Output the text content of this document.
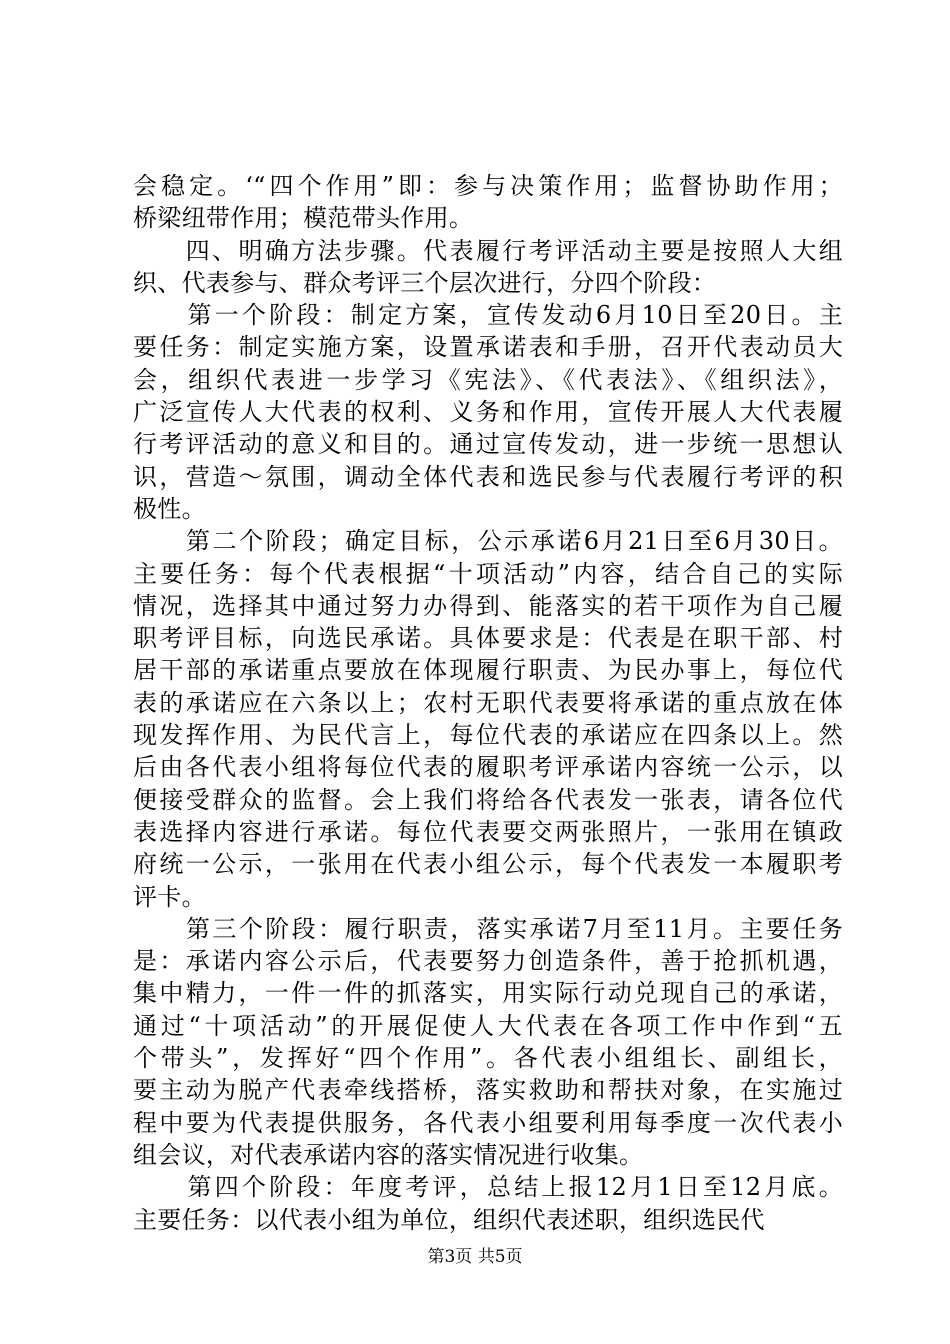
会稳定。‘“四个作用”即：参与决策作用；监督协助作用；
桥梁纽带作用；模范带头作用。
　　四、明确方法步骤。代表履行考评活动主要是按照人大组
织、代表参与、群众考评三个层次进行，分四个阶段：
　　第一个阶段：制定方案，宣传发动6月10日至20日。主
要任务：制定实施方案，设置承诺表和手册，召开代表动员大
会，组织代表进一步学习《宪法》、《代表法》、《组织法》，
广泛宣传人大代表的权利、义务和作用，宣传开展人大代表履
行考评活动的意义和目的。通过宣传发动，进一步统一思想认
识，营造～氛围，调动全体代表和选民参与代表履行考评的积
极性。
　　第二个阶段；确定目标，公示承诺6月21日至6月30日。
主要任务：每个代表根据“十项活动”内容，结合自己的实际
情况，选择其中通过努力办得到、能落实的若干项作为自己履
职考评目标，向选民承诺。具体要求是：代表是在职干部、村
居干部的承诺重点要放在体现履行职责、为民办事上，每位代
表的承诺应在六条以上；农村无职代表要将承诺的重点放在体
现发挥作用、为民代言上，每位代表的承诺应在四条以上。然
后由各代表小组将每位代表的履职考评承诺内容统一公示，以
便接受群众的监督。会上我们将给各代表发一张表，请各位代
表选择内容进行承诺。每位代表要交两张照片，一张用在镇政
府统一公示，一张用在代表小组公示，每个代表发一本履职考
评卡。
　　第三个阶段：履行职责，落实承诺7月至11月。主要任务
是：承诺内容公示后，代表要努力创造条件，善于抢抓机遇，
集中精力，一件一件的抓落实，用实际行动兑现自己的承诺，
通过“十项活动”的开展促使人大代表在各项工作中作到“五
个带头”，发挥好“四个作用”。各代表小组组长、副组长，
要主动为脱产代表牵线搭桥，落实救助和帮扶对象，在实施过
程中要为代表提供服务，各代表小组要利用每季度一次代表小
组会议，对代表承诺内容的落实情况进行收集。
　　第四个阶段：年度考评，总结上报12月1日至12月底。
主要任务：以代表小组为单位，组织代表述职，组织选民代
第3页 共5页
